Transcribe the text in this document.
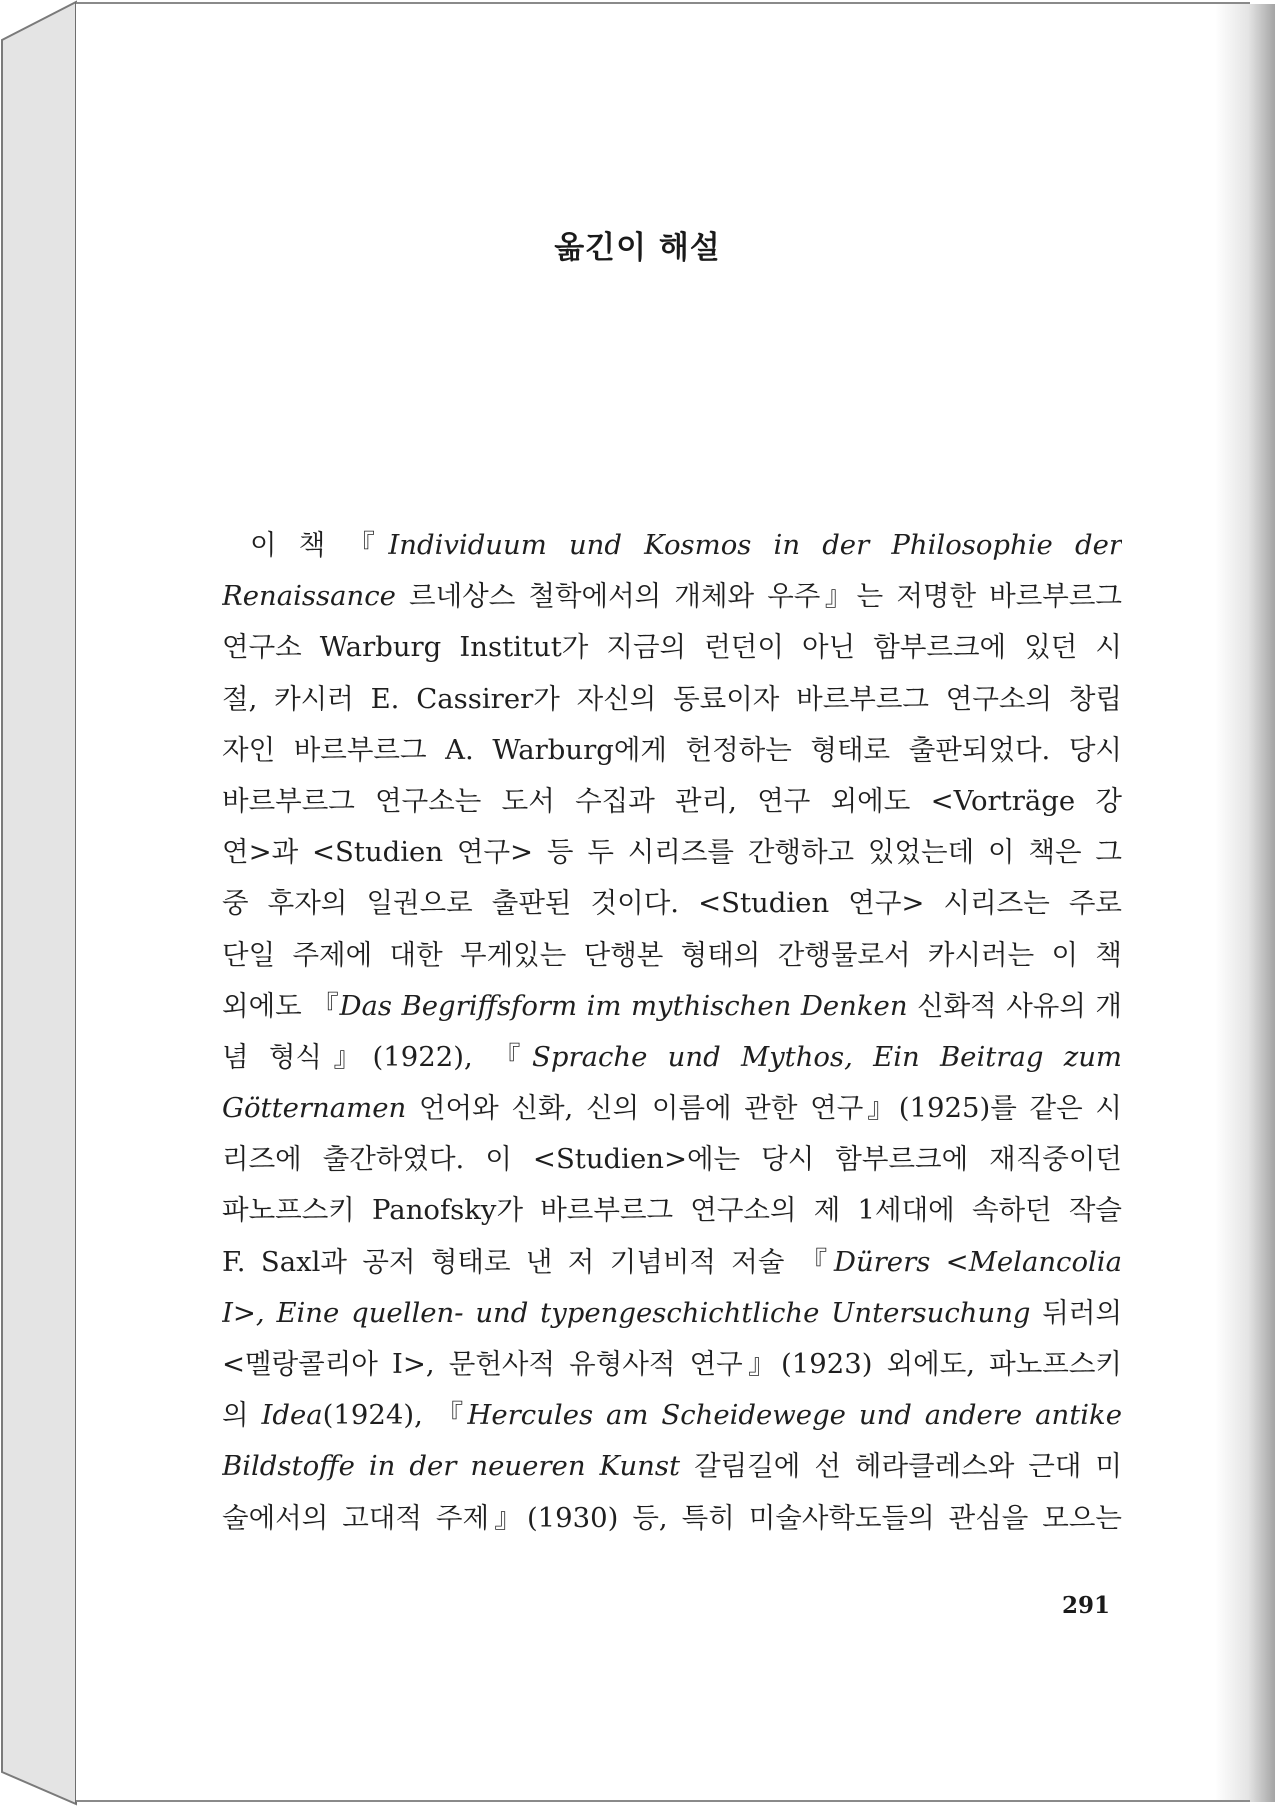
옮긴이 해설
이 책 『Individuum und Kosmos in der Philosophie der
Renaissance 르네상스 철학에서의 개체와 우주』는 저명한 바르부르그
연구소 Warburg Institut가 지금의 런던이 아닌 함부르크에 있던 시
절, 카시러 E. Cassirer가 자신의 동료이자 바르부르그 연구소의 창립
자인 바르부르그 A. Warburg에게 헌정하는 형태로 출판되었다. 당시
바르부르그 연구소는 도서 수집과 관리, 연구 외에도 <Vorträge 강
연>과 <Studien 연구> 등 두 시리즈를 간행하고 있었는데 이 책은 그
중 후자의 일권으로 출판된 것이다. <Studien 연구> 시리즈는 주로
단일 주제에 대한 무게있는 단행본 형태의 간행물로서 카시러는 이 책
외에도 『Das Begriffsform im mythischen Denken 신화적 사유의 개
념 형식』(1922), 『Sprache und Mythos, Ein Beitrag zum
Götternamen 언어와 신화, 신의 이름에 관한 연구』(1925)를 같은 시
리즈에 출간하였다. 이 <Studien>에는 당시 함부르크에 재직중이던
파노프스키 Panofsky가 바르부르그 연구소의 제 1세대에 속하던 작슬
F. Saxl과 공저 형태로 낸 저 기념비적 저술 『Dürers <Melancolia
I>, Eine quellen- und typengeschichtliche Untersuchung 뒤러의
<멜랑콜리아 I>, 문헌사적 유형사적 연구』(1923) 외에도, 파노프스키
의 Idea(1924), 『Hercules am Scheidewege und andere antike
Bildstoffe in der neueren Kunst 갈림길에 선 헤라클레스와 근대 미
술에서의 고대적 주제』(1930) 등, 특히 미술사학도들의 관심을 모으는
291
